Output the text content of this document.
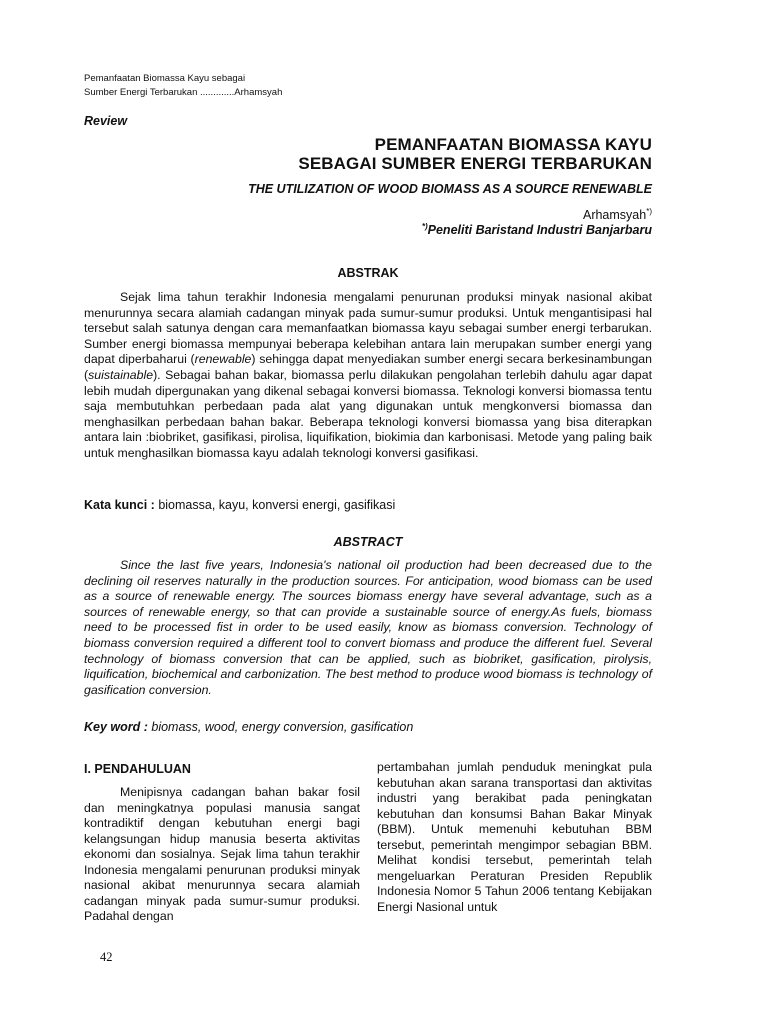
Pemanfaatan Biomassa Kayu sebagai
Sumber Energi Terbarukan .............Arhamsyah
Review
PEMANFAATAN BIOMASSA KAYU
SEBAGAI SUMBER ENERGI TERBARUKAN
THE UTILIZATION OF WOOD BIOMASS AS A SOURCE RENEWABLE
Arhamsyah*)
*)Peneliti Baristand Industri Banjarbaru
ABSTRAK

Sejak lima tahun terakhir Indonesia mengalami penurunan produksi minyak nasional akibat menurunnya secara alamiah cadangan minyak pada sumur-sumur produksi. Untuk mengantisipasi hal tersebut salah satunya dengan cara memanfaatkan biomassa kayu sebagai sumber energi terbarukan. Sumber energi biomassa mempunyai beberapa kelebihan antara lain merupakan sumber energi yang dapat diperbaharui (renewable) sehingga dapat menyediakan sumber energi secara berkesinambungan (suistainable). Sebagai bahan bakar, biomassa perlu dilakukan pengolahan terlebih dahulu agar dapat lebih mudah dipergunakan yang dikenal sebagai konversi biomassa. Teknologi konversi biomassa tentu saja membutuhkan perbedaan pada alat yang digunakan untuk mengkonversi biomassa dan menghasilkan perbedaan bahan bakar. Beberapa teknologi konversi biomassa yang bisa diterapkan antara lain :biobriket, gasifikasi, pirolisa, liquifikation, biokimia dan karbonisasi. Metode yang paling baik untuk menghasilkan biomassa kayu adalah teknologi konversi gasifikasi.

Kata kunci : biomassa, kayu, konversi energi, gasifikasi
ABSTRACT

Since the last five years, Indonesia's national oil production had been decreased due to the declining oil reserves naturally in the production sources. For anticipation, wood biomass can be used as a source of renewable energy. The sources biomass energy have several advantage, such as a sources of renewable energy, so that can provide a sustainable source of energy.As fuels, biomass need to be processed fist in order to be used easily, know as biomass conversion. Technology of biomass conversion required a different tool to convert biomass and produce the different fuel. Several technology of biomass conversion that can be applied, such as biobriket, gasification, pirolysis, liquification, biochemical and carbonization. The best method to produce wood biomass is technology of gasification conversion.

Key word : biomass, wood, energy conversion, gasification
I. PENDAHULUAN

Menipisnya cadangan bahan bakar fosil dan meningkatnya populasi manusia sangat kontradiktif dengan kebutuhan energi bagi kelangsungan hidup manusia beserta aktivitas ekonomi dan sosialnya. Sejak lima tahun terakhir Indonesia mengalami penurunan produksi minyak nasional akibat menurunnya secara alamiah cadangan minyak pada sumur-sumur produksi. Padahal dengan

pertambahan jumlah penduduk meningkat pula kebutuhan akan sarana transportasi dan aktivitas industri yang berakibat pada peningkatan kebutuhan dan konsumsi Bahan Bakar Minyak (BBM). Untuk memenuhi kebutuhan BBM tersebut, pemerintah mengimpor sebagian BBM. Melihat kondisi tersebut, pemerintah telah mengeluarkan Peraturan Presiden Republik Indonesia Nomor 5 Tahun 2006 tentang Kebijakan Energi Nasional untuk

42
